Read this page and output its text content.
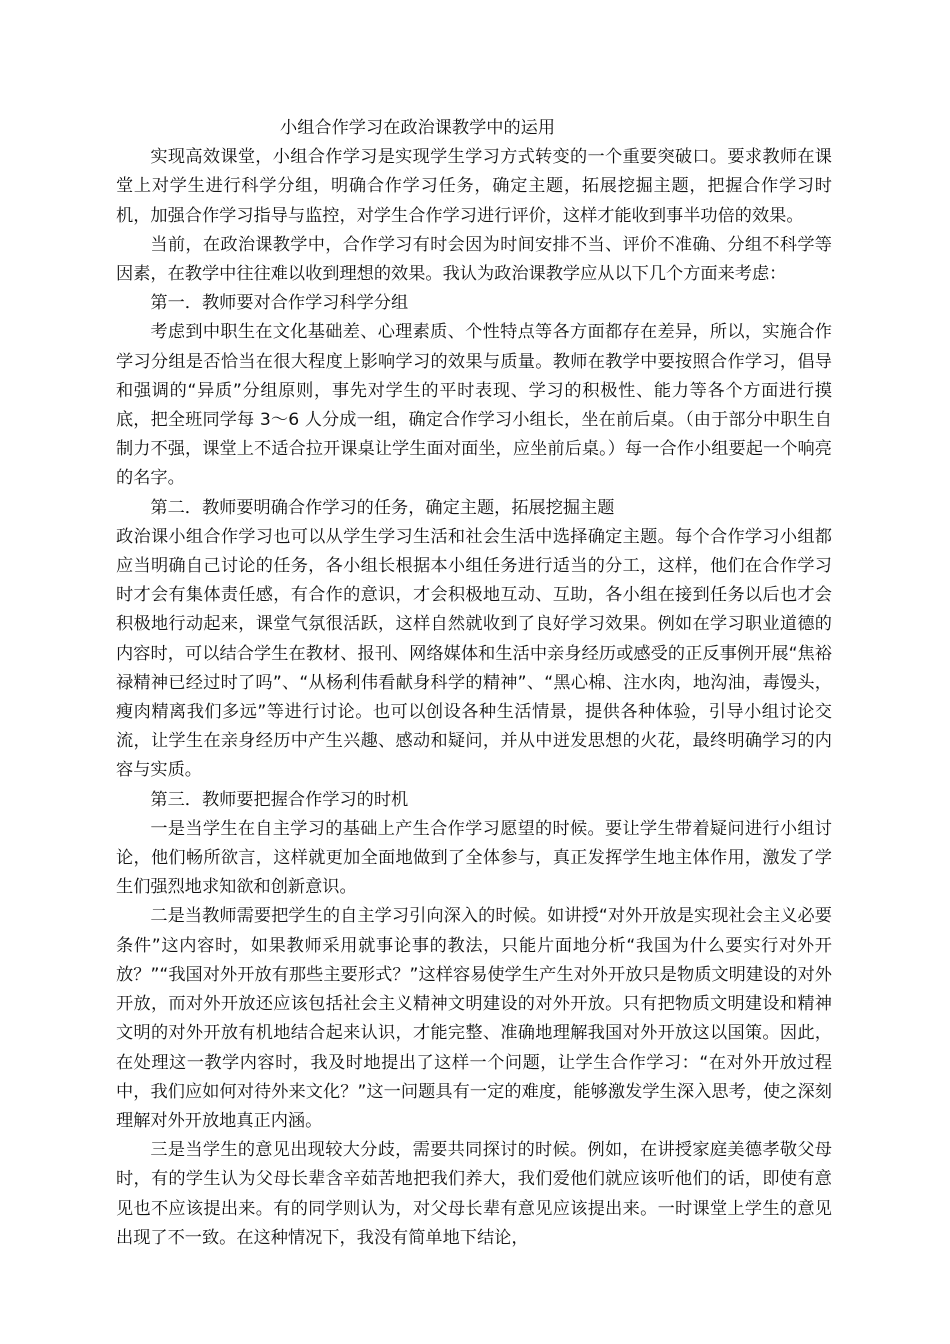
小组合作学习在政治课教学中的运用

实现高效课堂，小组合作学习是实现学生学习方式转变的一个重要突破口。要求教师在课堂上对学生进行科学分组，明确合作学习任务，确定主题，拓展挖掘主题，把握合作学习时机，加强合作学习指导与监控，对学生合作学习进行评价，这样才能收到事半功倍的效果。

当前，在政治课教学中，合作学习有时会因为时间安排不当、评价不准确、分组不科学等因素，在教学中往往难以收到理想的效果。我认为政治课教学应从以下几个方面来考虑：

第一．教师要对合作学习科学分组

考虑到中职生在文化基础差、心理素质、个性特点等各方面都存在差异，所以，实施合作学习分组是否恰当在很大程度上影响学习的效果与质量。教师在教学中要按照合作学习，倡导和强调的“异质”分组原则，事先对学生的平时表现、学习的积极性、能力等各个方面进行摸底，把全班同学每 3～6 人分成一组，确定合作学习小组长，坐在前后桌。（由于部分中职生自制力不强，课堂上不适合拉开课桌让学生面对面坐，应坐前后桌。）每一合作小组要起一个响亮的名字。

第二．教师要明确合作学习的任务，确定主题，拓展挖掘主题

政治课小组合作学习也可以从学生学习生活和社会生活中选择确定主题。每个合作学习小组都应当明确自己讨论的任务，各小组长根据本小组任务进行适当的分工，这样，他们在合作学习时才会有集体责任感，有合作的意识，才会积极地互动、互助，各小组在接到任务以后也才会积极地行动起来，课堂气氛很活跃，这样自然就收到了良好学习效果。例如在学习职业道德的内容时，可以结合学生在教材、报刊、网络媒体和生活中亲身经历或感受的正反事例开展“焦裕禄精神已经过时了吗”、“从杨利伟看献身科学的精神”、“黑心棉、注水肉，地沟油，毒馒头，瘦肉精离我们多远”等进行讨论。也可以创设各种生活情景，提供各种体验，引导小组讨论交流，让学生在亲身经历中产生兴趣、感动和疑问，并从中迸发思想的火花，最终明确学习的内容与实质。

第三．教师要把握合作学习的时机

一是当学生在自主学习的基础上产生合作学习愿望的时候。要让学生带着疑问进行小组讨论，他们畅所欲言，这样就更加全面地做到了全体参与，真正发挥学生地主体作用，激发了学生们强烈地求知欲和创新意识。

二是当教师需要把学生的自主学习引向深入的时候。如讲授“对外开放是实现社会主义必要条件”这内容时，如果教师采用就事论事的教法，只能片面地分析“我国为什么要实行对外开放？”“我国对外开放有那些主要形式？”这样容易使学生产生对外开放只是物质文明建设的对外开放，而对外开放还应该包括社会主义精神文明建设的对外开放。只有把物质文明建设和精神文明的对外开放有机地结合起来认识，才能完整、准确地理解我国对外开放这以国策。因此，在处理这一教学内容时，我及时地提出了这样一个问题，让学生合作学习：“在对外开放过程中，我们应如何对待外来文化？”这一问题具有一定的难度，能够激发学生深入思考，使之深刻理解对外开放地真正内涵。

三是当学生的意见出现较大分歧，需要共同探讨的时候。例如，在讲授家庭美德孝敬父母时，有的学生认为父母长辈含辛茹苦地把我们养大，我们爱他们就应该听他们的话，即使有意见也不应该提出来。有的同学则认为，对父母长辈有意见应该提出来。一时课堂上学生的意见出现了不一致。在这种情况下，我没有简单地下结论，
